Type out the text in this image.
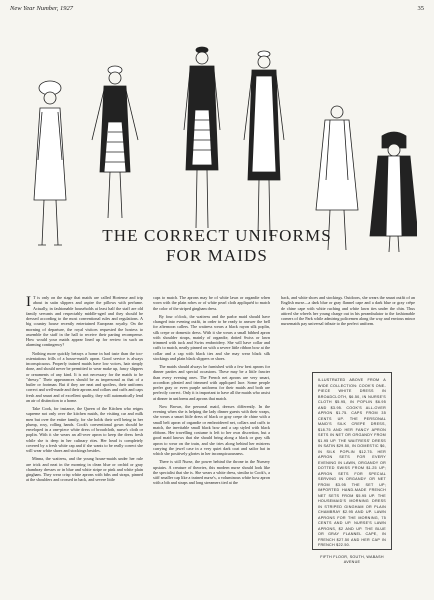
New Year Number, 1927	35
THE CORRECT UNIFORMS
FOR MAIDS

I T is only on the stage that maids are called Hortense and trip about in satin slippers and aspire the pillows with perfume. Actually, in fashionable households at least half the staff are old family servants and respectably middle-aged and they should be dressed according to the most conventional rules and regulations. A big country house recently entertained European royalty. On the morning of departure, the royal visitors requested the hostess to assemble the staff in the hall to receive their parting recompense. How would your maids appear lined up for review in such an alarming contingency?

Nothing more quickly betrays a home in bad taste than the too-ostentatious frills of a house-maid's apron. Good service is always inconspicuous. Properly trained maids have low voices, hair simply done, and should never be permitted to wear make up, fancy slippers or ornaments of any kind. It is not necessary for the maids to be "dressy." Their appearances should be as impersonal as that of a butler or footman. But if they are neat and spotless, their uniforms correct and well-made and their aprons and collars and cuffs and caps fresh and smart and of excellent quality, they will automatically lend an air of distinction to a home.

Take Cook, for instance, the Queen of the Kitchen who reigns supreme not only over the kitchen maids, the visiting car and milk men but over the entire family, for she holds their well being in her plump, rosy, rolling hands. Cook's conventional gown should be enveloped in a one-piece white dress of broadcloth, nurse's cloth or poplin. With it she wears an all-over apron to keep the dress fresh while she is deep in her culinary rites. Her head is completely covered by a fresh white cap and if she wants to be really correct she will wear white shoes and stockings besides.

Minna, the waitress, and the young house-maids under her rule are trick and neat in the morning in clean blue or orchid or gray chambray dresses or in blue and white stripe or pink and white plain gingham. They wear crisp white aprons with bibs and straps, pinned at the shoulders and crossed in back, and severe little

caps to match. The aprons may be of white lawn or organdie when worn with the plain robes or of white pearl cloth appliquéd to match the color of the striped gingham dress.

By four o'clock, the waitress and the parlor maid should have changed into evening outfit, in order to be ready to answer the bell for afternoon callers. The waitress wears a black rayon silk poplin, silk crepe or domestic dress. With it she wears a small bibbed apron with shoulder straps, mainly of organdie, dotted Swiss or lawn trimmed with tuck and Swiss embroidery. She will have collar and cuffs to match, neatly pinned on with a severe little ribbon bow at the collar and a cap with black ties and she may wear black silk stockings and plain black slippers or shoes.

The maids should always be furnished with a few best aprons for dinner parties and special occasions. These may be a little fancier than every evening ones. The French net aprons are very smart, accordion pleated and trimmed with appliqued lace. Some people prefer gray or even purple uniforms for their maids and both are perfectly correct. Only it is important to have all the maids who assist at dinner in uniforms and aprons that match.

Now Brown, the personal maid, dresses differently. In the evening when she is helping the lady dinner guests with their wraps, she wears a smart little dress of black or gray crepe de chine with a small belt apron of organdie or embroidered net, collars and cuffs to match, the inevitable small black bow and a cap styled with black ribbons. Her travelling costume is left to her own discretion, but a good maid knows that she should bring along a black or gray silk apron to wear on the train, and she tries along behind her mistress carrying the jewel case in a very quiet dark coat and sailor hat in which she positively glories in her inconspicuousness.

There is still Nurse, the power behind the throne in the Nursery upstairs. A creature of theories, this modern nurse should look like the specialist that she is. She wears a white dress, similar to Cook's, a stiff smaller cap like a trained nurse's, a voluminous white bow apron with a bib and straps and long streamers tied at the

back, and white shoes and stockings. Outdoors, she wears the smart outfit of an English nurse—a dark blue or gray flannel cape and a dark blue or gray crêpe de chine cape with white ruching and white lawn ties under the chin. Thus attired she wheels her young charge out in his perambulator to the fashionable corners of the Park while admiring policemen along the way and envious minor nursemaids pay universal tribute to the perfect uniform.

ILLUSTRATED ABOVE FROM A WIDE COLLECTION: COOK'S ONE-PIECE WHITE DRESS IN BROADCLOTH, $6.50, IN NURSE'S CLOTH $5.95, IN POPLIN $6.95 AND $3.95. COOK'S ALL-OVER APRON $1.75. CAPS FROM 35 CENTS UP. THE PERSONAL MAID'S SILK CREPE DRESS, $18.75 AND HER FANCY APRON SETS IN NET OR ORGANDY FROM $1.95 UP. THE WAITRESS' DRESS IN SATIN $29.50, IN DOMESTIC $6, IN SILK POPLIN $12.75. HER APRON SETS FOR EVERY EVENING IN LAWN, ORGANDY OR DOTTED SWISS FROM $1.25 UP; APRON SETS FOR SPECIAL SERVING IN ORGANDY OR NET FROM $3.95 THE SET UP; IMPORTED HAND-MADE FRENCH NET SETS FROM $5.95 UP. THE HOUSEMAID'S MORNING DRESS IN STRIPED GINGHAM OR PLAIN CHAMBRAY $2.95 AND UP. LAWN APRONS FOR THE MORNING, 75 CENTS AND UP. NURSE'S LAWN APRONS, $2 AND UP. THE BLUE OR GRAY FLANNEL CAPE, IN FRENCH $27.50 AND HER CAP IN FRENCH $22.50.
FIFTH FLOOR, SOUTH, WABASH AVENUE
